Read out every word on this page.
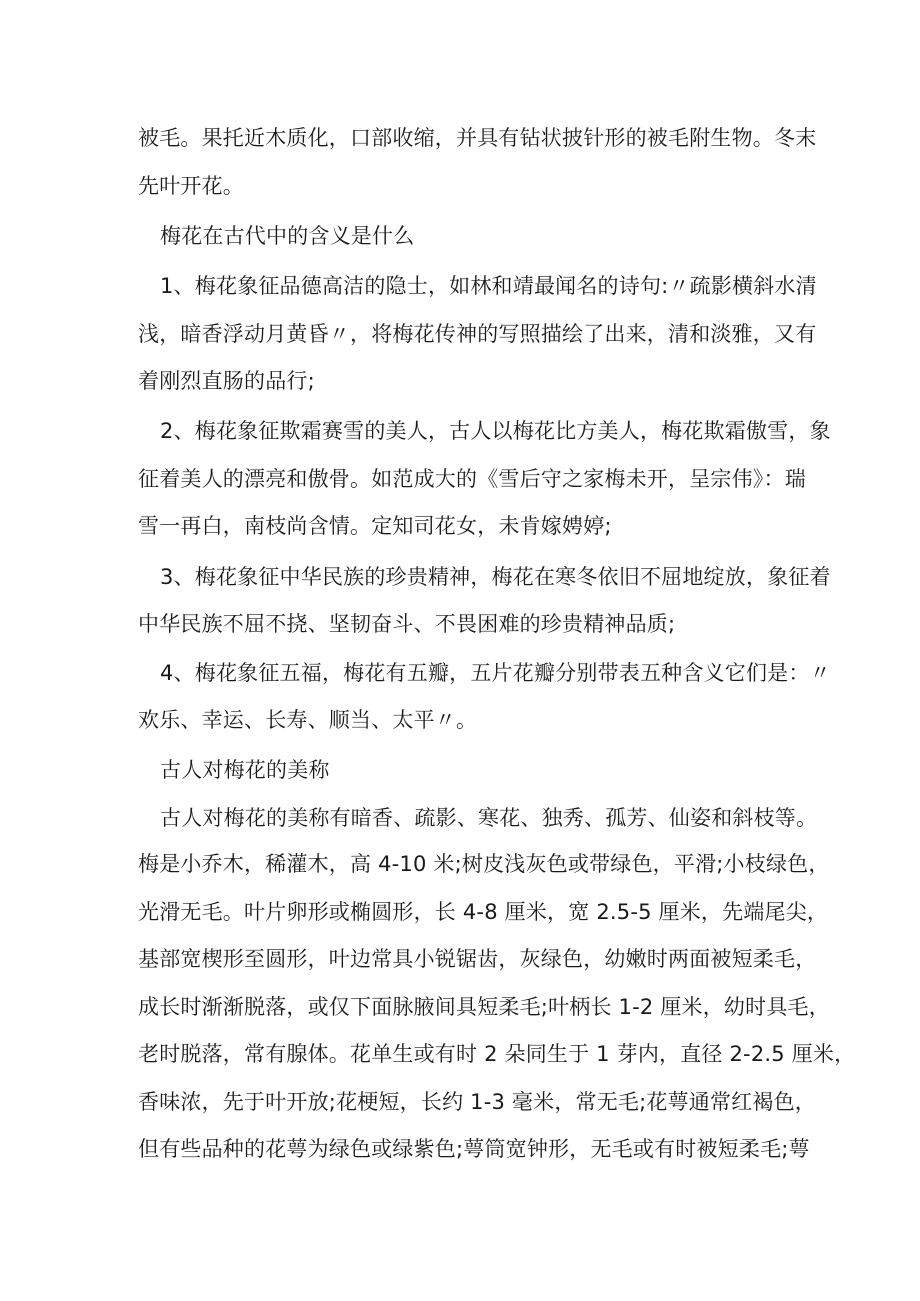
被毛。果托近木质化，口部收缩，并具有钻状披针形的被毛附生物。冬末
先叶开花。
梅花在古代中的含义是什么
1、梅花象征品德高洁的隐士，如林和靖最闻名的诗句:〃疏影横斜水清
浅，暗香浮动月黄昏〃，将梅花传神的写照描绘了出来，清和淡雅，又有
着刚烈直肠的品行;
2、梅花象征欺霜赛雪的美人，古人以梅花比方美人，梅花欺霜傲雪，象
征着美人的漂亮和傲骨。如范成大的《雪后守之家梅未开，呈宗伟》：瑞
雪一再白，南枝尚含情。定知司花女，未肯嫁娉婷;
3、梅花象征中华民族的珍贵精神，梅花在寒冬依旧不屈地绽放，象征着
中华民族不屈不挠、坚韧奋斗、不畏困难的珍贵精神品质;
4、梅花象征五福，梅花有五瓣，五片花瓣分别带表五种含义它们是：〃
欢乐、幸运、长寿、顺当、太平〃。
古人对梅花的美称
古人对梅花的美称有暗香、疏影、寒花、独秀、孤芳、仙姿和斜枝等。
梅是小乔木，稀灌木，高 4-10 米;树皮浅灰色或带绿色，平滑;小枝绿色，
光滑无毛。叶片卵形或椭圆形，长 4-8 厘米，宽 2.5-5 厘米，先端尾尖，
基部宽楔形至圆形，叶边常具小锐锯齿，灰绿色，幼嫩时两面被短柔毛，
成长时渐渐脱落，或仅下面脉腋间具短柔毛;叶柄长 1-2 厘米，幼时具毛，
老时脱落，常有腺体。花单生或有时 2 朵同生于 1 芽内，直径 2-2.5 厘米，
香味浓，先于叶开放;花梗短，长约 1-3 毫米，常无毛;花萼通常红褐色，
但有些品种的花萼为绿色或绿紫色;萼筒宽钟形，无毛或有时被短柔毛;萼
